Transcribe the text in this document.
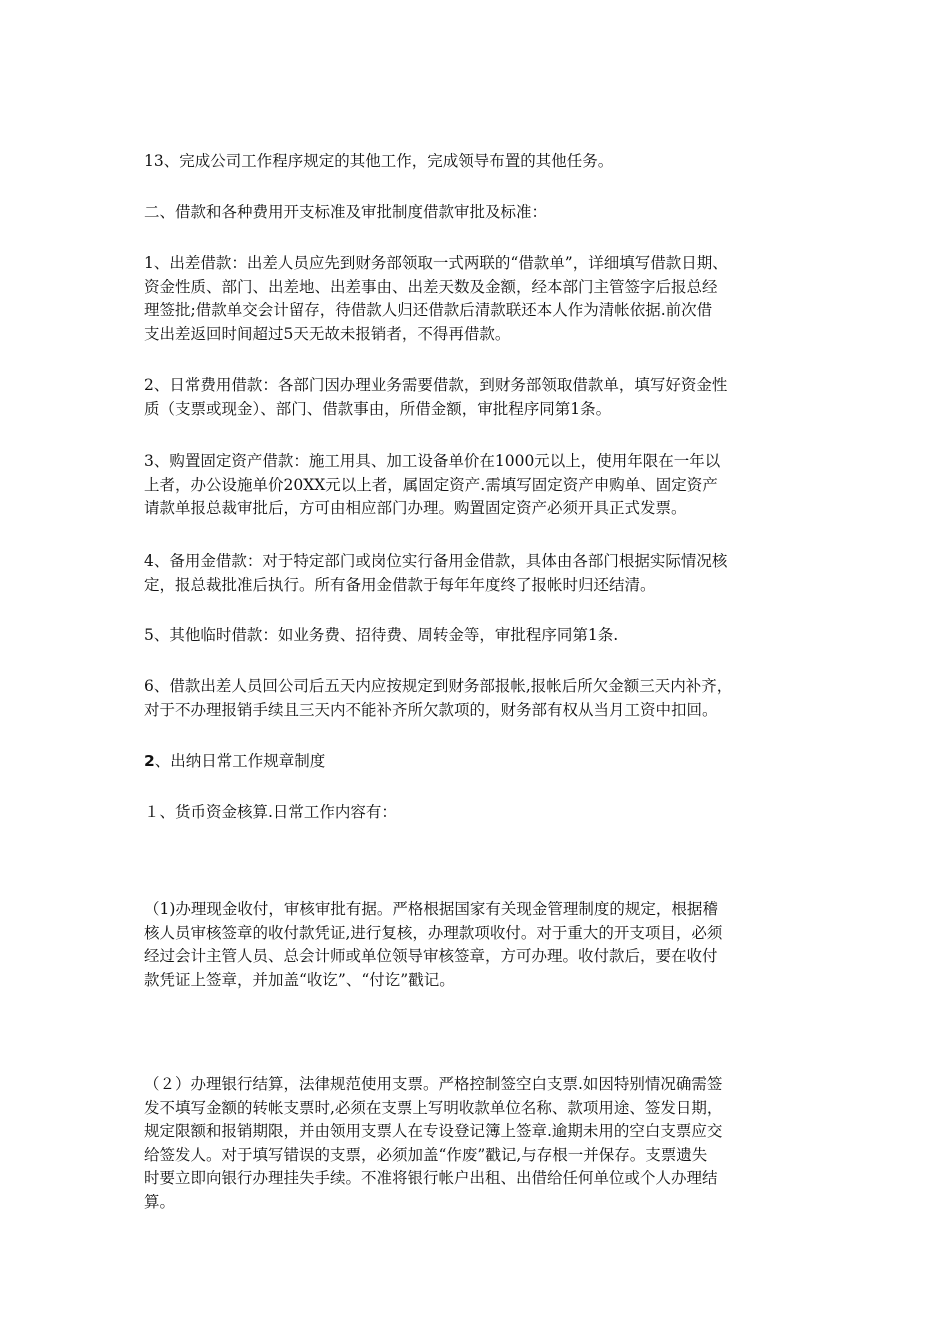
13、完成公司工作程序规定的其他工作，完成领导布置的其他任务。

二、借款和各种费用开支标准及审批制度借款审批及标准：

1、出差借款：出差人员应先到财务部领取一式两联的“借款单”，详细填写借款日期、
资金性质、部门、出差地、出差事由、出差天数及金额，经本部门主管签字后报总经
理签批;借款单交会计留存，待借款人归还借款后清款联还本人作为清帐依据.前次借
支出差返回时间超过5天无故未报销者，不得再借款。

2、日常费用借款：各部门因办理业务需要借款，到财务部领取借款单，填写好资金性
质（支票或现金）、部门、借款事由，所借金额，审批程序同第1条。

3、购置固定资产借款：施工用具、加工设备单价在1000元以上，使用年限在一年以
上者，办公设施单价20XX元以上者，属固定资产.需填写固定资产申购单、固定资产
请款单报总裁审批后，方可由相应部门办理。购置固定资产必须开具正式发票。

4、备用金借款：对于特定部门或岗位实行备用金借款，具体由各部门根据实际情况核
定，报总裁批准后执行。所有备用金借款于每年年度终了报帐时归还结清。

5、其他临时借款：如业务费、招待费、周转金等，审批程序同第1条.

6、借款出差人员回公司后五天内应按规定到财务部报帐,报帐后所欠金额三天内补齐，
对于不办理报销手续且三天内不能补齐所欠款项的，财务部有权从当月工资中扣回。

2、出纳日常工作规章制度

１、货币资金核算.日常工作内容有：

（1)办理现金收付，审核审批有据。严格根据国家有关现金管理制度的规定，根据稽
核人员审核签章的收付款凭证,进行复核，办理款项收付。对于重大的开支项目，必须
经过会计主管人员、总会计师或单位领导审核签章，方可办理。收付款后，要在收付
款凭证上签章，并加盖“收讫”、“付讫”戳记。

（２）办理银行结算，法律规范使用支票。严格控制签空白支票.如因特别情况确需签
发不填写金额的转帐支票时,必须在支票上写明收款单位名称、款项用途、签发日期，
规定限额和报销期限，并由领用支票人在专设登记簿上签章.逾期未用的空白支票应交
给签发人。对于填写错误的支票，必须加盖“作废”戳记,与存根一并保存。支票遗失
时要立即向银行办理挂失手续。不准将银行帐户出租、出借给任何单位或个人办理结
算。
